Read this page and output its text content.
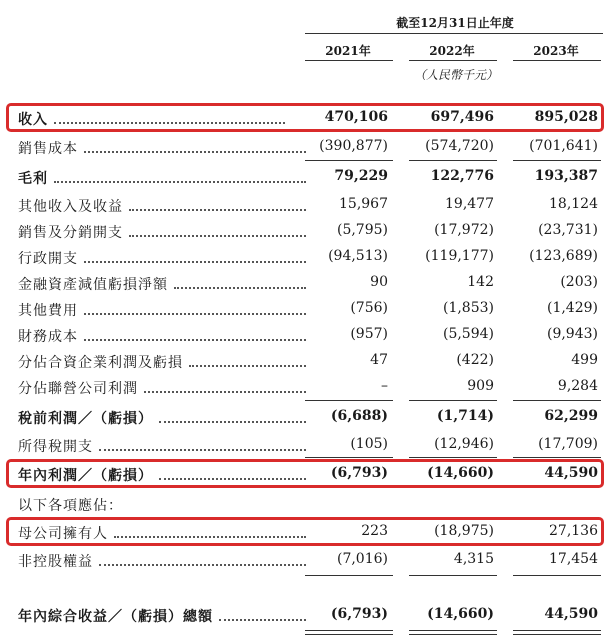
截至12月31日止年度
2021年	2022年	2023年
（人民幣千元）
收入	470,106	697,496	895,028
銷售成本	(390,877)	(574,720)	(701,641)
毛利	79,229	122,776	193,387
其他收入及收益	15,967	19,477	18,124
銷售及分銷開支	(5,795)	(17,972)	(23,731)
行政開支	(94,513)	(119,177)	(123,689)
金融資產減值虧損淨額	90	142	(203)
其他費用	(756)	(1,853)	(1,429)
財務成本	(957)	(5,594)	(9,943)
分佔合資企業利潤及虧損	47	(422)	499
分佔聯營公司利潤	–	909	9,284
稅前利潤／（虧損）	(6,688)	(1,714)	62,299
所得稅開支	(105)	(12,946)	(17,709)
年內利潤／（虧損）	(6,793)	(14,660)	44,590
以下各項應佔：
母公司擁有人	223	(18,975)	27,136
非控股權益	(7,016)	4,315	17,454
年內綜合收益／（虧損）總額	(6,793)	(14,660)	44,590
